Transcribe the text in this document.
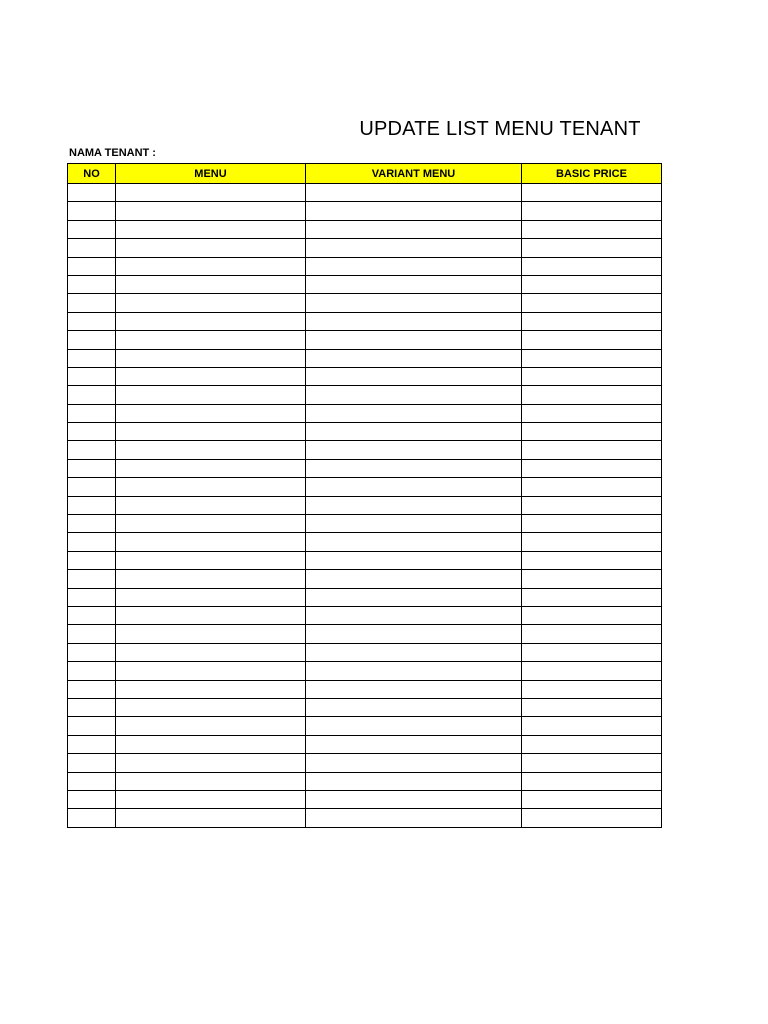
UPDATE LIST MENU TENANT
NAMA TENANT :
NO	MENU	VARIANT MENU	BASIC PRICE
